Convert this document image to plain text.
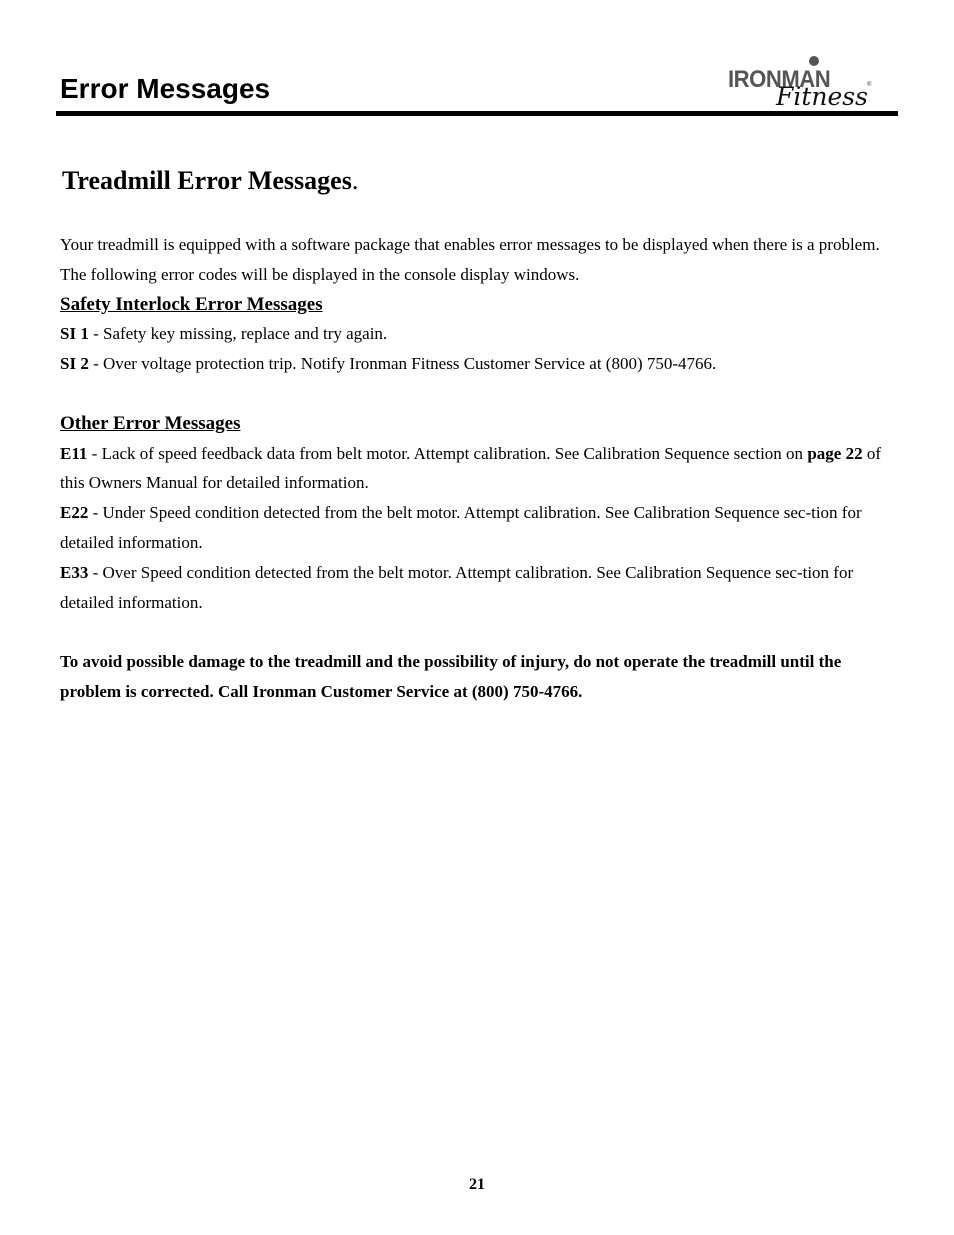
Error Messages	IRONMAN	®
Fitness
Treadmill Error Messages.

Your treadmill is equipped with a software package that enables error messages to be displayed when there is a problem. The following error codes will be displayed in the console display windows.

Safety Interlock Error Messages

SI 1 - Safety key missing, replace and try again.

SI 2 - Over voltage protection trip. Notify Ironman Fitness Customer Service at (800) 750-4766.

Other Error Messages

E11 - Lack of speed feedback data from belt motor. Attempt calibration. See Calibration Sequence section on page 22 of this Owners Manual for detailed information.

E22 - Under Speed condition detected from the belt motor. Attempt calibration. See Calibration Sequence sec-tion for detailed information.

E33 - Over Speed condition detected from the belt motor. Attempt calibration. See Calibration Sequence sec-tion for detailed information.

To avoid possible damage to the treadmill and the possibility of injury, do not operate the treadmill until the problem is corrected. Call Ironman Customer Service at (800) 750-4766.

21
